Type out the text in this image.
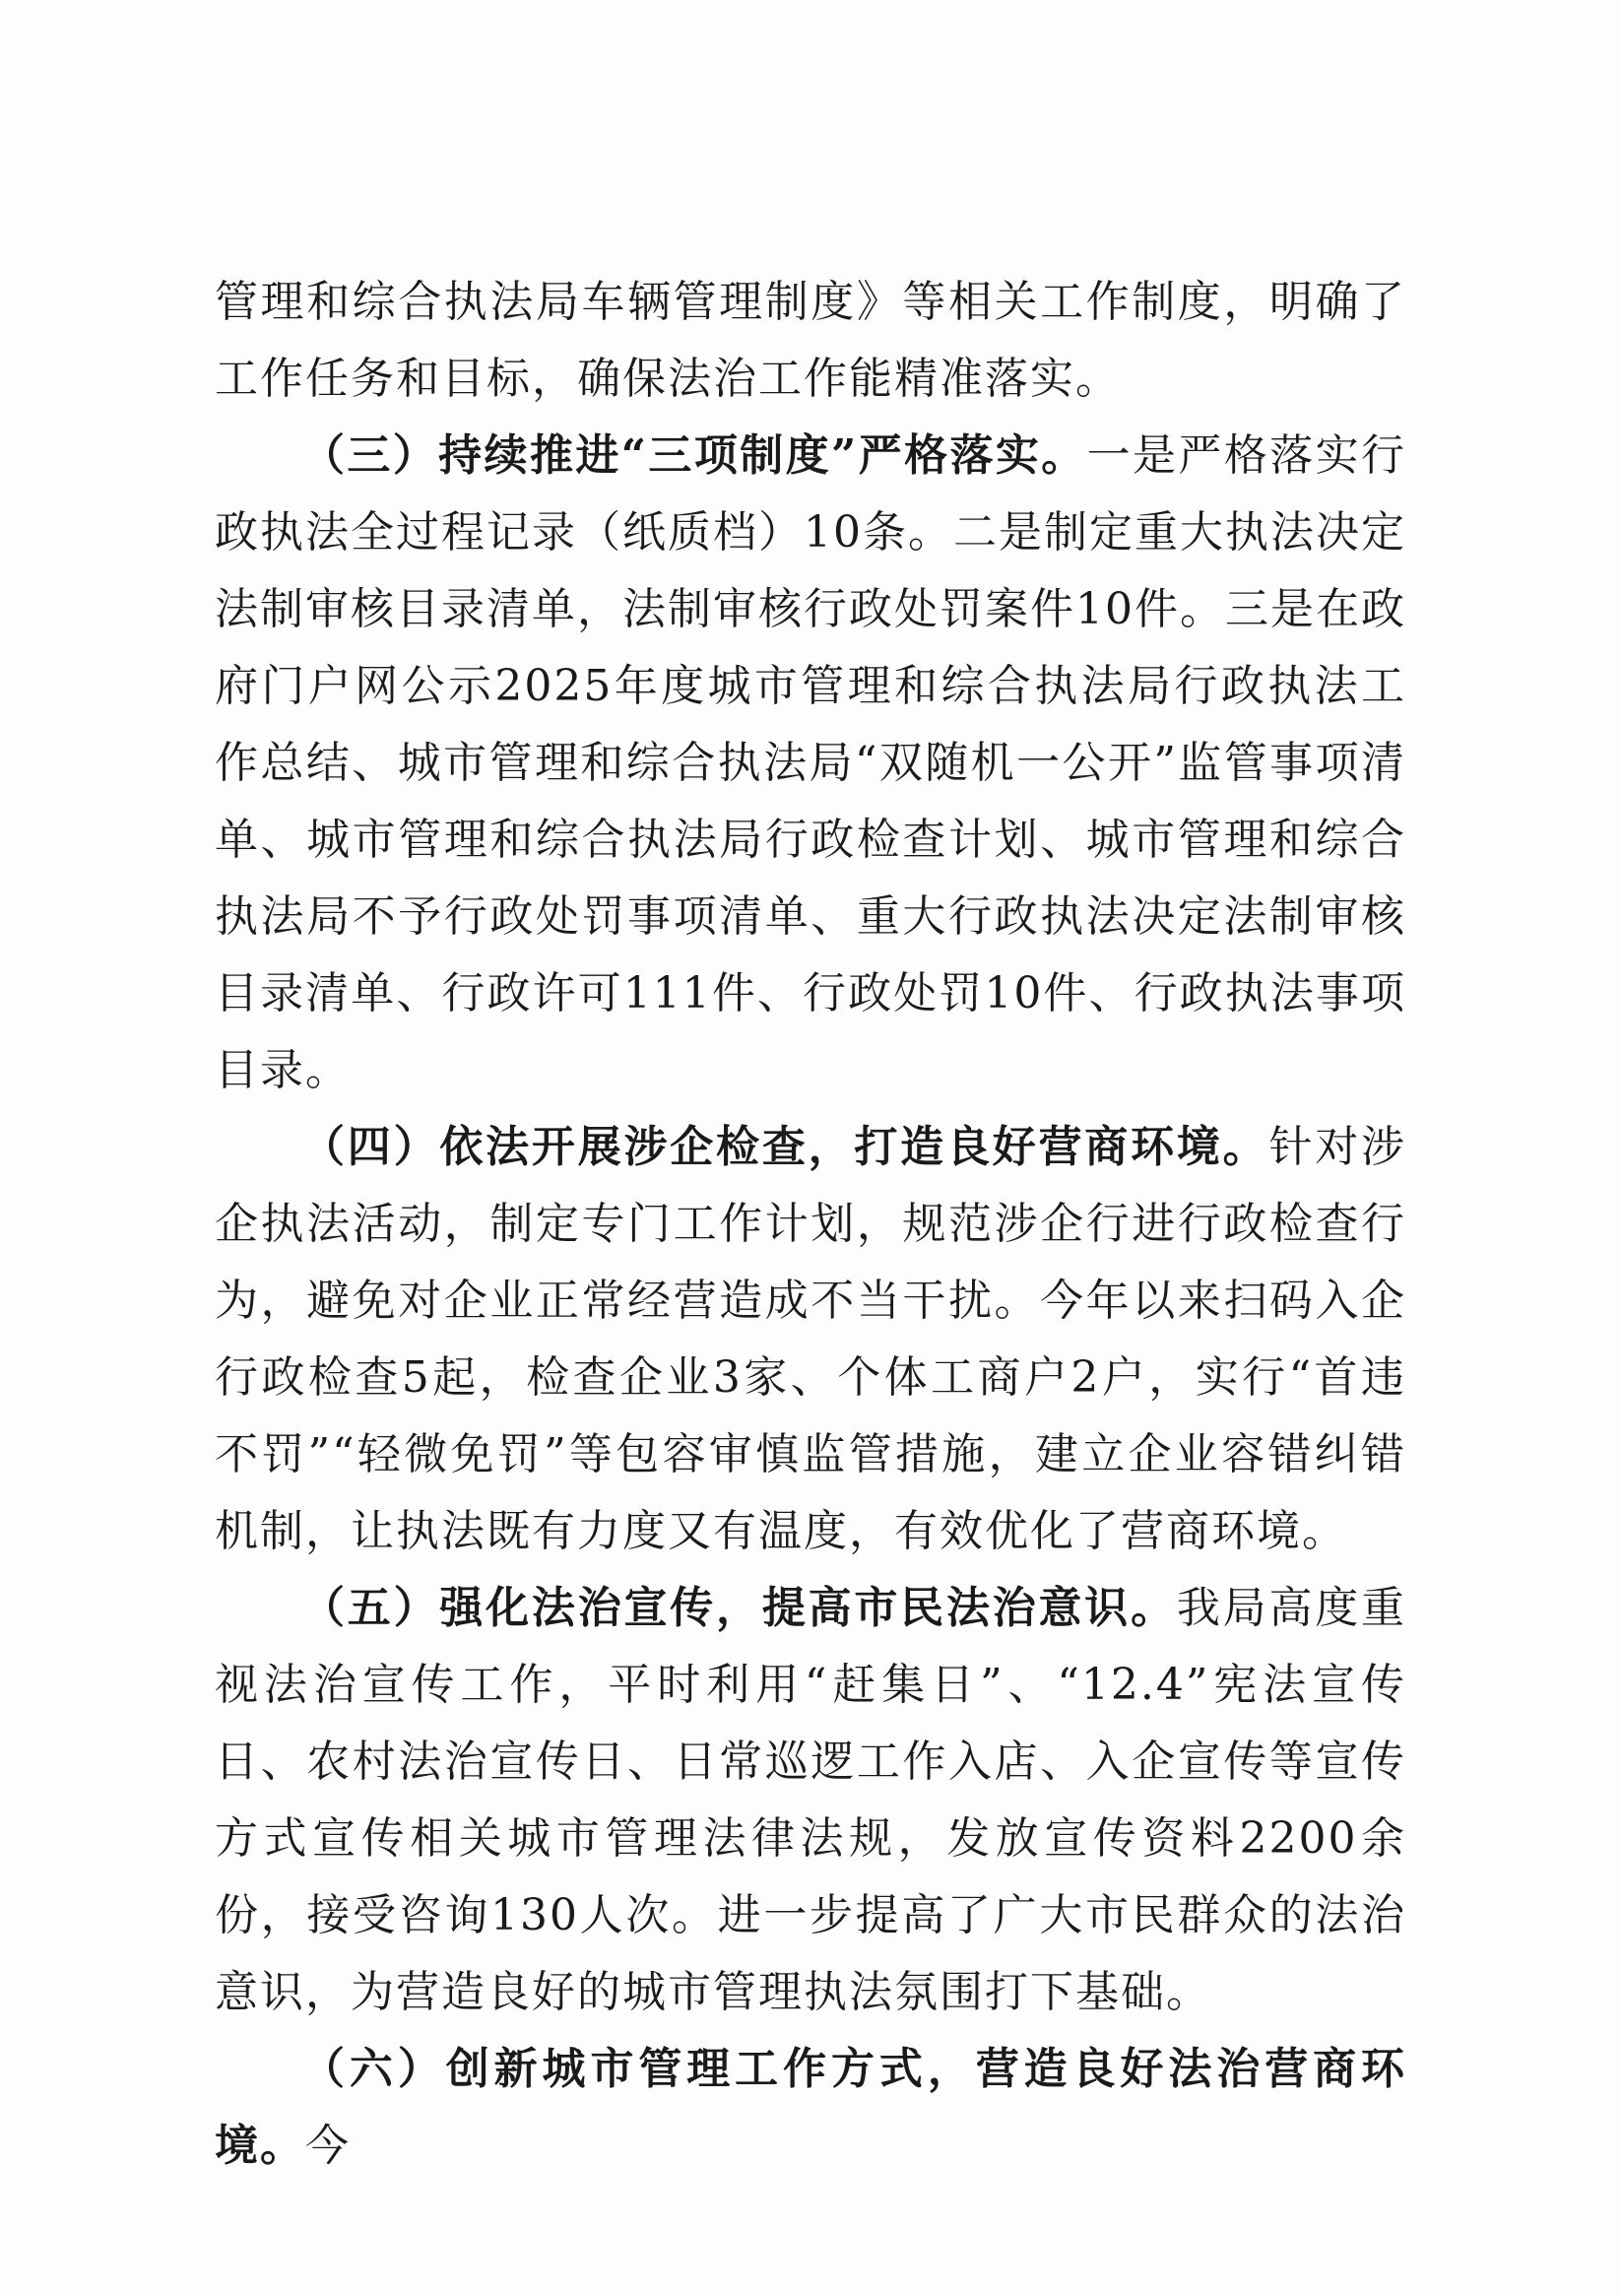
管理和综合执法局车辆管理制度》等相关工作制度，明确了工作任务和目标，确保法治工作能精准落实。

（三）持续推进“三项制度”严格落实。一是严格落实行政执法全过程记录（纸质档）10条。二是制定重大执法决定法制审核目录清单，法制审核行政处罚案件10件。三是在政府门户网公示2025年度城市管理和综合执法局行政执法工作总结、城市管理和综合执法局“双随机一公开”监管事项清单、城市管理和综合执法局行政检查计划、城市管理和综合执法局不予行政处罚事项清单、重大行政执法决定法制审核目录清单、行政许可111件、行政处罚10件、行政执法事项目录。

（四）依法开展涉企检查，打造良好营商环境。针对涉企执法活动，制定专门工作计划，规范涉企行进行政检查行为，避免对企业正常经营造成不当干扰。今年以来扫码入企行政检查5起，检查企业3家、个体工商户2户，实行“首违不罚”“轻微免罚”等包容审慎监管措施，建立企业容错纠错机制，让执法既有力度又有温度，有效优化了营商环境。

（五）强化法治宣传，提高市民法治意识。我局高度重视法治宣传工作，平时利用“赶集日”、“12.4”宪法宣传日、农村法治宣传日、日常巡逻工作入店、入企宣传等宣传方式宣传相关城市管理法律法规，发放宣传资料2200余份，接受咨询130人次。进一步提高了广大市民群众的法治意识，为营造良好的城市管理执法氛围打下基础。

（六）创新城市管理工作方式，营造良好法治营商环境。今
